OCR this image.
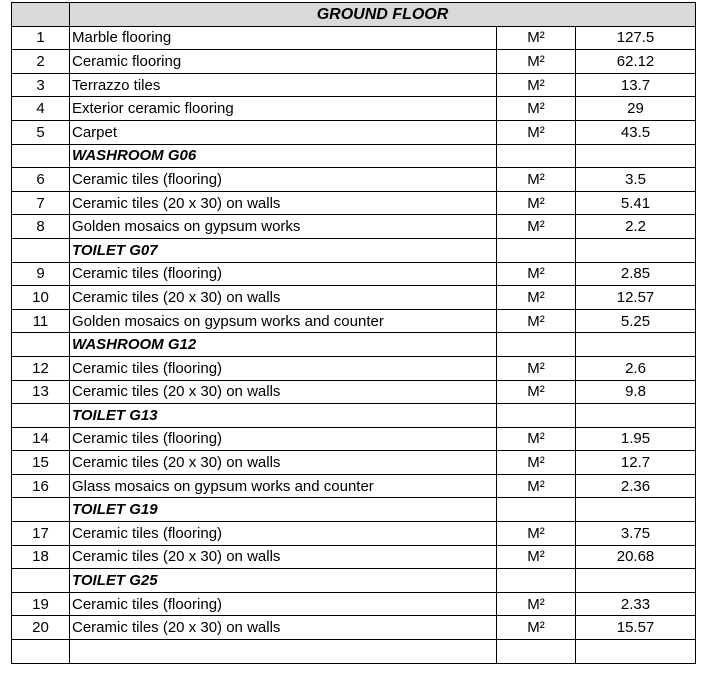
	GROUND FLOOR		
1	Marble flooring	M²	127.5
2	Ceramic flooring	M²	62.12
3	Terrazzo tiles	M²	13.7
4	Exterior ceramic flooring	M²	29
5	Carpet	M²	43.5
	WASHROOM G06		
6	Ceramic tiles (flooring)	M²	3.5
7	Ceramic tiles (20 x 30) on walls	M²	5.41
8	Golden mosaics on gypsum works	M²	2.2
	TOILET G07		
9	Ceramic tiles (flooring)	M²	2.85
10	Ceramic tiles (20 x 30) on walls	M²	12.57
11	Golden mosaics on gypsum works and counter	M²	5.25
	WASHROOM G12		
12	Ceramic tiles (flooring)	M²	2.6
13	Ceramic tiles (20 x 30) on walls	M²	9.8
	TOILET G13		
14	Ceramic tiles (flooring)	M²	1.95
15	Ceramic tiles (20 x 30) on walls	M²	12.7
16	Glass mosaics on gypsum works and counter	M²	2.36
	TOILET G19		
17	Ceramic tiles (flooring)	M²	3.75
18	Ceramic tiles (20 x 30) on walls	M²	20.68
	TOILET G25		
19	Ceramic tiles (flooring)	M²	2.33
20	Ceramic tiles (20 x 30) on walls	M²	15.57
